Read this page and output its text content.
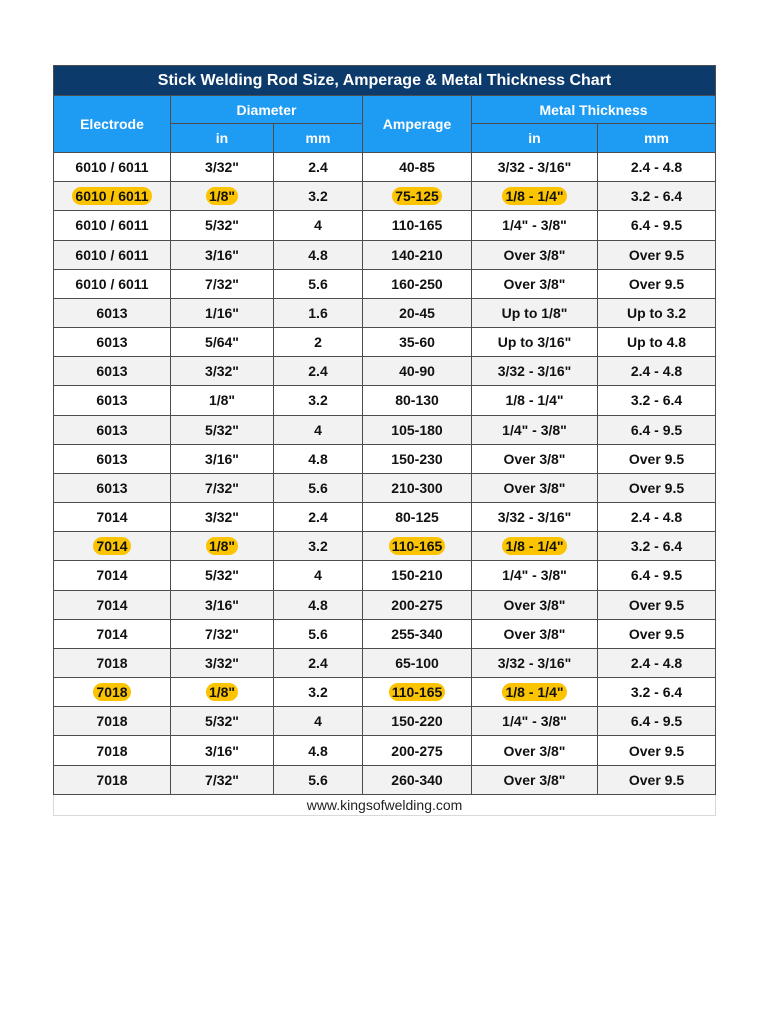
Stick Welding Rod Size, Amperage & Metal Thickness Chart					
Electrode	Diameter		Amperage	Metal Thickness	
	in	mm		in	mm
6010 / 6011	3/32"	2.4	40-85	3/32 - 3/16"	2.4 - 4.8
6010 / 6011	1/8"	3.2	75-125	1/8 - 1/4"	3.2 - 6.4
6010 / 6011	5/32"	4	110-165	1/4" - 3/8"	6.4 - 9.5
6010 / 6011	3/16"	4.8	140-210	Over 3/8"	Over 9.5
6010 / 6011	7/32"	5.6	160-250	Over 3/8"	Over 9.5
6013	1/16"	1.6	20-45	Up to 1/8"	Up to 3.2
6013	5/64"	2	35-60	Up to 3/16"	Up to 4.8
6013	3/32"	2.4	40-90	3/32 - 3/16"	2.4 - 4.8
6013	1/8"	3.2	80-130	1/8 - 1/4"	3.2 - 6.4
6013	5/32"	4	105-180	1/4" - 3/8"	6.4 - 9.5
6013	3/16"	4.8	150-230	Over 3/8"	Over 9.5
6013	7/32"	5.6	210-300	Over 3/8"	Over 9.5
7014	3/32"	2.4	80-125	3/32 - 3/16"	2.4 - 4.8
7014	1/8"	3.2	110-165	1/8 - 1/4"	3.2 - 6.4
7014	5/32"	4	150-210	1/4" - 3/8"	6.4 - 9.5
7014	3/16"	4.8	200-275	Over 3/8"	Over 9.5
7014	7/32"	5.6	255-340	Over 3/8"	Over 9.5
7018	3/32"	2.4	65-100	3/32 - 3/16"	2.4 - 4.8
7018	1/8"	3.2	110-165	1/8 - 1/4"	3.2 - 6.4
7018	5/32"	4	150-220	1/4" - 3/8"	6.4 - 9.5
7018	3/16"	4.8	200-275	Over 3/8"	Over 9.5
7018	7/32"	5.6	260-340	Over 3/8"	Over 9.5
www.kingsofwelding.com					
